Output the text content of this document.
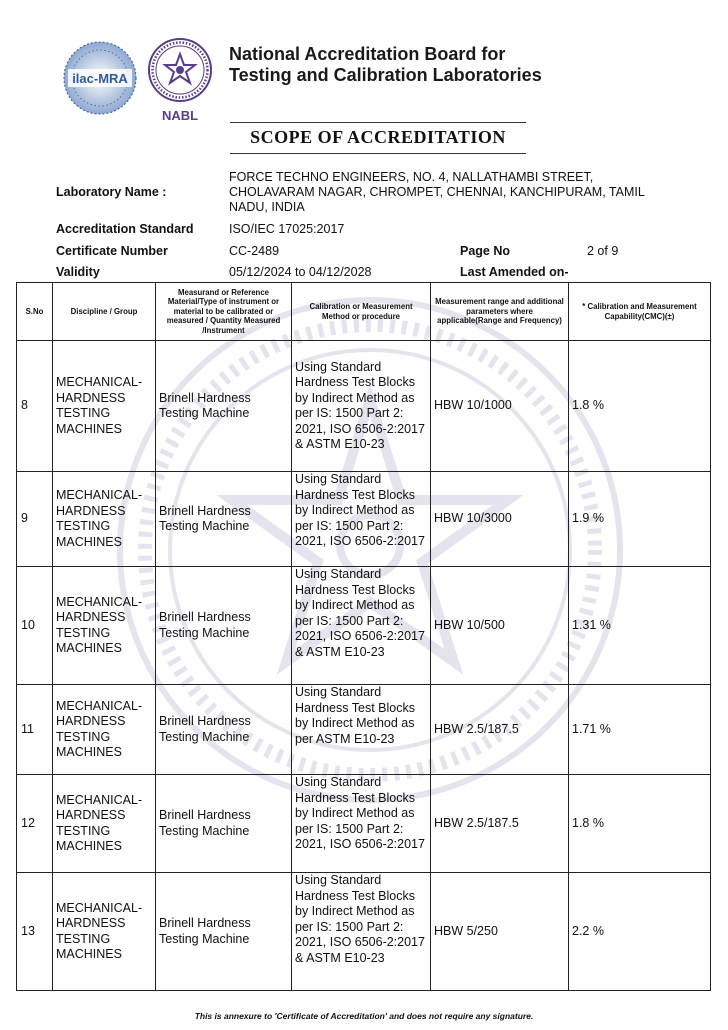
ilac-MRA
NABL
National Accreditation Board for
Testing and Calibration Laboratories
SCOPE OF ACCREDITATION
Laboratory Name :
FORCE TECHNO ENGINEERS, NO. 4, NALLATHAMBI STREET,
CHOLAVARAM NAGAR, CHROMPET, CHENNAI, KANCHIPURAM, TAMIL
NADU, INDIA
Accreditation Standard	ISO/IEC 17025:2017
Certificate Number	CC-2489	Page No	2 of 9
Validity	05/12/2024 to 04/12/2028	Last Amended on-
S.No	Discipline / Group	Measurand or Reference Material/Type of instrument or material to be calibrated or measured / Quantity Measured /Instrument	Calibration or Measurement Method or procedure	Measurement range and additional parameters where applicable(Range and Frequency)	* Calibration and Measurement Capability(CMC)(±)
8	MECHANICAL- HARDNESS TESTING MACHINES	Brinell Hardness Testing Machine	Using Standard Hardness Test Blocks by Indirect Method as per IS: 1500 Part 2: 2021, ISO 6506-2:2017 & ASTM E10-23	HBW 10/1000	1.8 %
9	MECHANICAL- HARDNESS TESTING MACHINES	Brinell Hardness Testing Machine	Using Standard Hardness Test Blocks by Indirect Method as per IS: 1500 Part 2: 2021, ISO 6506-2:2017	HBW 10/3000	1.9 %
10	MECHANICAL- HARDNESS TESTING MACHINES	Brinell Hardness Testing Machine	Using Standard Hardness Test Blocks by Indirect Method as per IS: 1500 Part 2: 2021, ISO 6506-2:2017 & ASTM E10-23	HBW 10/500	1.31 %
11	MECHANICAL- HARDNESS TESTING MACHINES	Brinell Hardness Testing Machine	Using Standard Hardness Test Blocks by Indirect Method as per ASTM E10-23	HBW 2.5/187.5	1.71 %
12	MECHANICAL- HARDNESS TESTING MACHINES	Brinell Hardness Testing Machine	Using Standard Hardness Test Blocks by Indirect Method as per IS: 1500 Part 2: 2021, ISO 6506-2:2017	HBW 2.5/187.5	1.8 %
13	MECHANICAL- HARDNESS TESTING MACHINES	Brinell Hardness Testing Machine	Using Standard Hardness Test Blocks by Indirect Method as per IS: 1500 Part 2: 2021, ISO 6506-2:2017 & ASTM E10-23	HBW 5/250	2.2 %
This is annexure to 'Certificate of Accreditation' and does not require any signature.
